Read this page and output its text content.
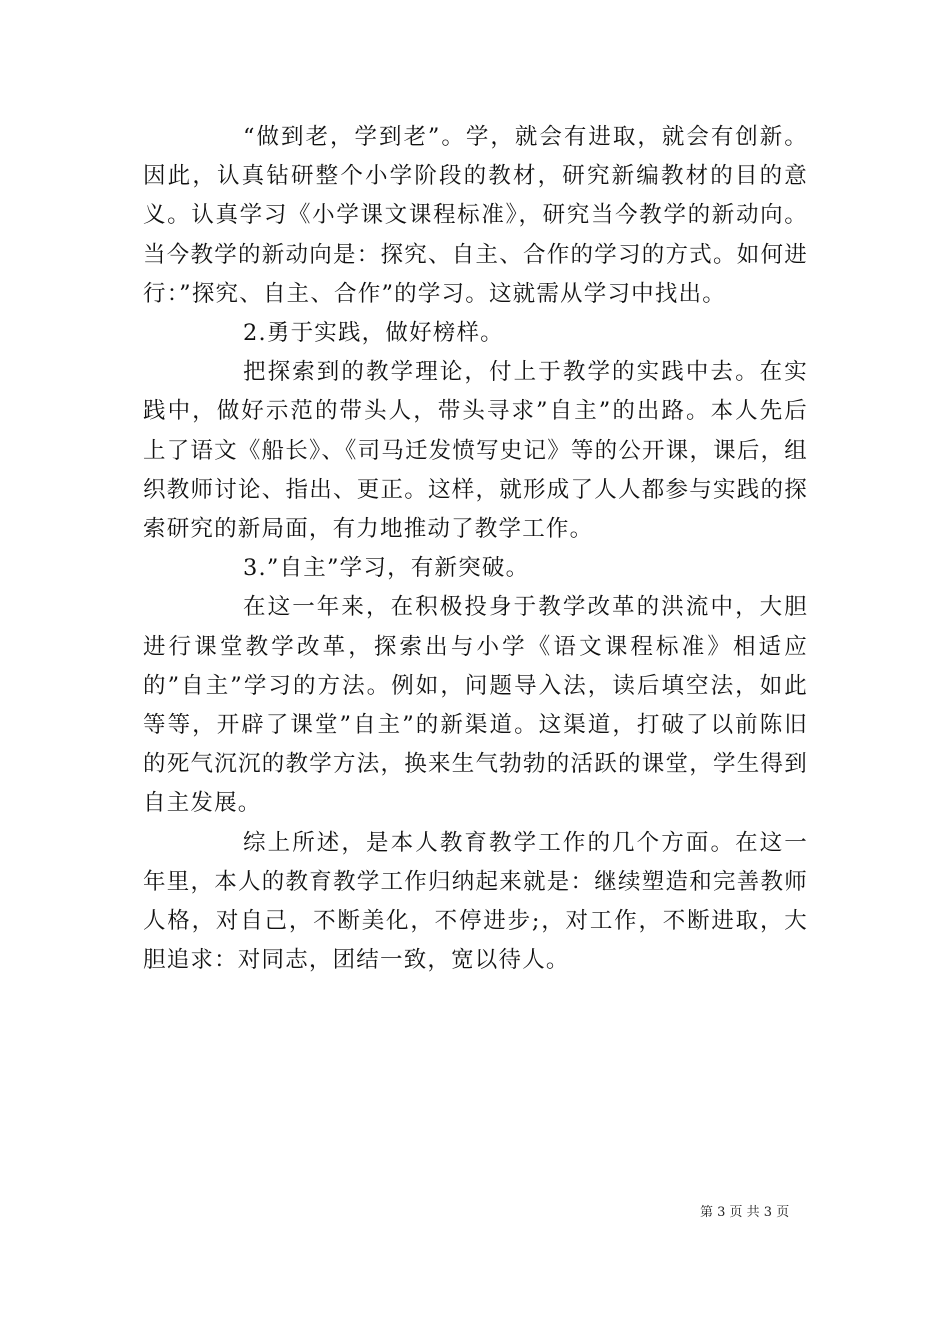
“做到老，学到老”。学，就会有进取，就会有创新。因此，认真钻研整个小学阶段的教材，研究新编教材的目的意义。认真学习《小学课文课程标准》，研究当今教学的新动向。当今教学的新动向是：探究、自主、合作的学习的方式。如何进行：”探究、自主、合作”的学习。这就需从学习中找出。

2.勇于实践，做好榜样。

把探索到的教学理论，付上于教学的实践中去。在实践中，做好示范的带头人，带头寻求”自主”的出路。本人先后上了语文《船长》、《司马迁发愤写史记》等的公开课，课后，组织教师讨论、指出、更正。这样，就形成了人人都参与实践的探索研究的新局面，有力地推动了教学工作。

3.”自主”学习，有新突破。

在这一年来，在积极投身于教学改革的洪流中，大胆进行课堂教学改革，探索出与小学《语文课程标准》相适应的”自主”学习的方法。例如，问题导入法，读后填空法，如此等等，开辟了课堂”自主”的新渠道。这渠道，打破了以前陈旧的死气沉沉的教学方法，换来生气勃勃的活跃的课堂，学生得到自主发展。

综上所述，是本人教育教学工作的几个方面。在这一年里，本人的教育教学工作归纳起来就是：继续塑造和完善教师人格，对自己，不断美化，不停进步;，对工作，不断进取，大胆追求：对同志，团结一致，宽以待人。

第 3 页 共 3 页
